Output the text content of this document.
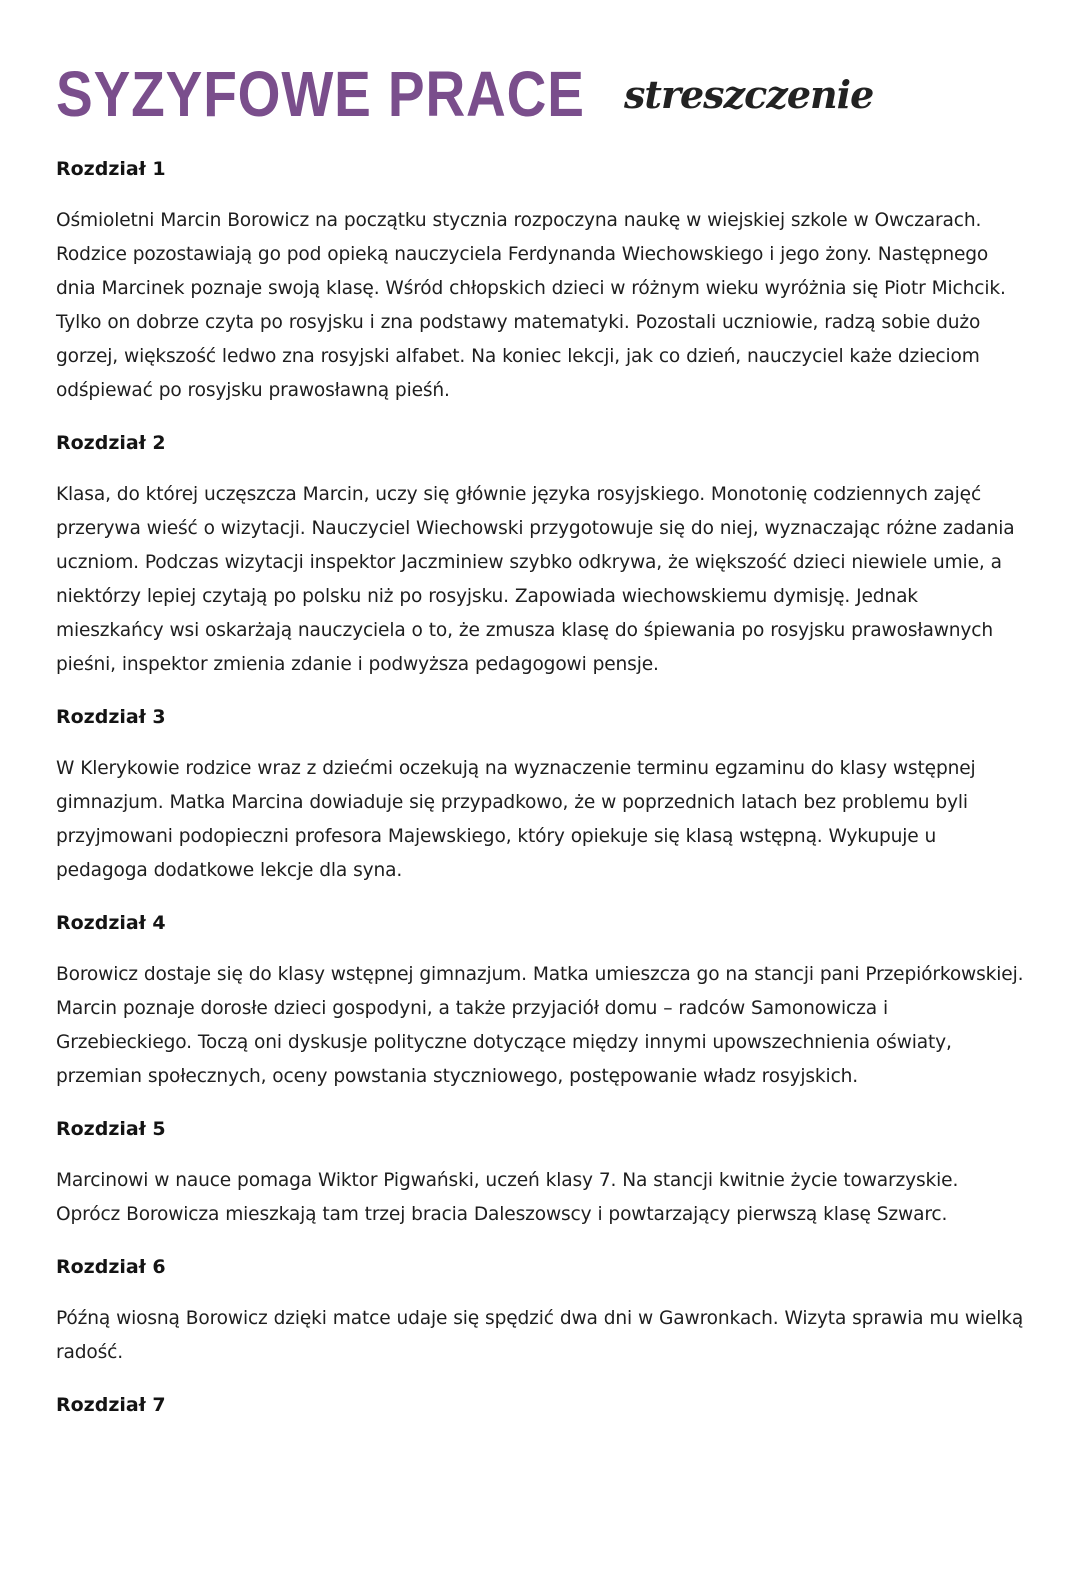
SYZYFOWE PRACE streszczenie
Rozdział 1

Ośmioletni Marcin Borowicz na początku stycznia rozpoczyna naukę w wiejskiej szkole w Owczarach. Rodzice pozostawiają go pod opieką nauczyciela Ferdynanda Wiechowskiego i jego żony. Następnego dnia Marcinek poznaje swoją klasę. Wśród chłopskich dzieci w różnym wieku wyróżnia się Piotr Michcik. Tylko on dobrze czyta po rosyjsku i zna podstawy matematyki. Pozostali uczniowie, radzą sobie dużo gorzej, większość ledwo zna rosyjski alfabet. Na koniec lekcji, jak co dzień, nauczyciel każe dzieciom odśpiewać po rosyjsku prawosławną pieśń.

Rozdział 2

Klasa, do której uczęszcza Marcin, uczy się głównie języka rosyjskiego. Monotonię codziennych zajęć przerywa wieść o wizytacji. Nauczyciel Wiechowski przygotowuje się do niej, wyznaczając różne zadania uczniom. Podczas wizytacji inspektor Jaczminiew szybko odkrywa, że większość dzieci niewiele umie, a niektórzy lepiej czytają po polsku niż po rosyjsku. Zapowiada wiechowskiemu dymisję. Jednak mieszkańcy wsi oskarżają nauczyciela o to, że zmusza klasę do śpiewania po rosyjsku prawosławnych pieśni, inspektor zmienia zdanie i podwyższa pedagogowi pensje.

Rozdział 3

W Klerykowie rodzice wraz z dziećmi oczekują na wyznaczenie terminu egzaminu do klasy wstępnej gimnazjum. Matka Marcina dowiaduje się przypadkowo, że w poprzednich latach bez problemu byli przyjmowani podopieczni profesora Majewskiego, który opiekuje się klasą wstępną. Wykupuje u pedagoga dodatkowe lekcje dla syna.

Rozdział 4

Borowicz dostaje się do klasy wstępnej gimnazjum. Matka umieszcza go na stancji pani Przepiórkowskiej. Marcin poznaje dorosłe dzieci gospodyni, a także przyjaciół domu – radców Samonowicza i Grzebieckiego. Toczą oni dyskusje polityczne dotyczące między innymi upowszechnienia oświaty, przemian społecznych, oceny powstania styczniowego, postępowanie władz rosyjskich.

Rozdział 5

Marcinowi w nauce pomaga Wiktor Pigwański, uczeń klasy 7. Na stancji kwitnie życie towarzyskie. Oprócz Borowicza mieszkają tam trzej bracia Daleszowscy i powtarzający pierwszą klasę Szwarc.

Rozdział 6

Późną wiosną Borowicz dzięki matce udaje się spędzić dwa dni w Gawronkach. Wizyta sprawia mu wielką radość.

Rozdział 7
